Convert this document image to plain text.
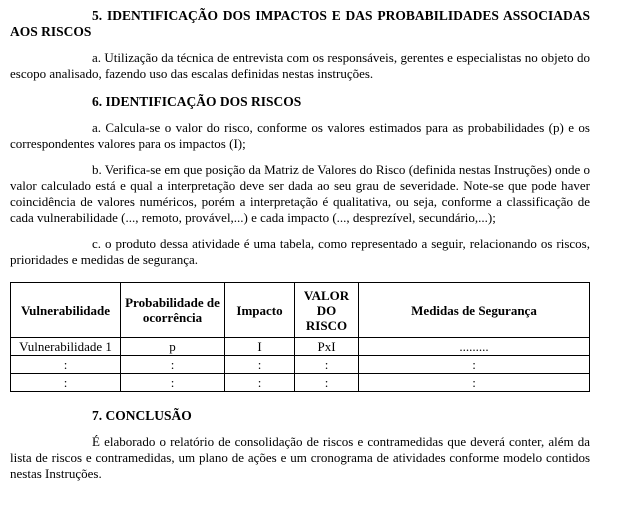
5. IDENTIFICAÇÃO DOS IMPACTOS E DAS PROBABILIDADES ASSOCIADAS
AOS RISCOS

a. Utilização da técnica de entrevista com os responsáveis, gerentes e especialistas no objeto do escopo analisado, fazendo uso das escalas definidas nestas instruções.

6. IDENTIFICAÇÃO DOS RISCOS

a. Calcula-se o valor do risco, conforme os valores estimados para as probabilidades (p) e os correspondentes valores para os impactos (I);

b. Verifica-se em que posição da Matriz de Valores do Risco (definida nestas Instruções) onde o valor calculado está e qual a interpretação deve ser dada ao seu grau de severidade. Note-se que pode haver coincidência de valores numéricos, porém a interpretação é qualitativa, ou seja, conforme a classificação de cada vulnerabilidade (..., remoto, provável,...) e cada impacto (..., desprezível, secundário,...);

c. o produto dessa atividade é uma tabela, como representado a seguir, relacionando os riscos, prioridades e medidas de segurança.

Vulnerabilidade	Probabilidade de ocorrência	Impacto	VALOR DO RISCO	Medidas de Segurança
Vulnerabilidade 1	p	I	PxI	.........
:	:	:	:	:
:	:	:	:	:
7. CONCLUSÃO

É elaborado o relatório de consolidação de riscos e contramedidas que deverá conter, além da lista de riscos e contramedidas, um plano de ações e um cronograma de atividades conforme modelo contidos nestas Instruções.
